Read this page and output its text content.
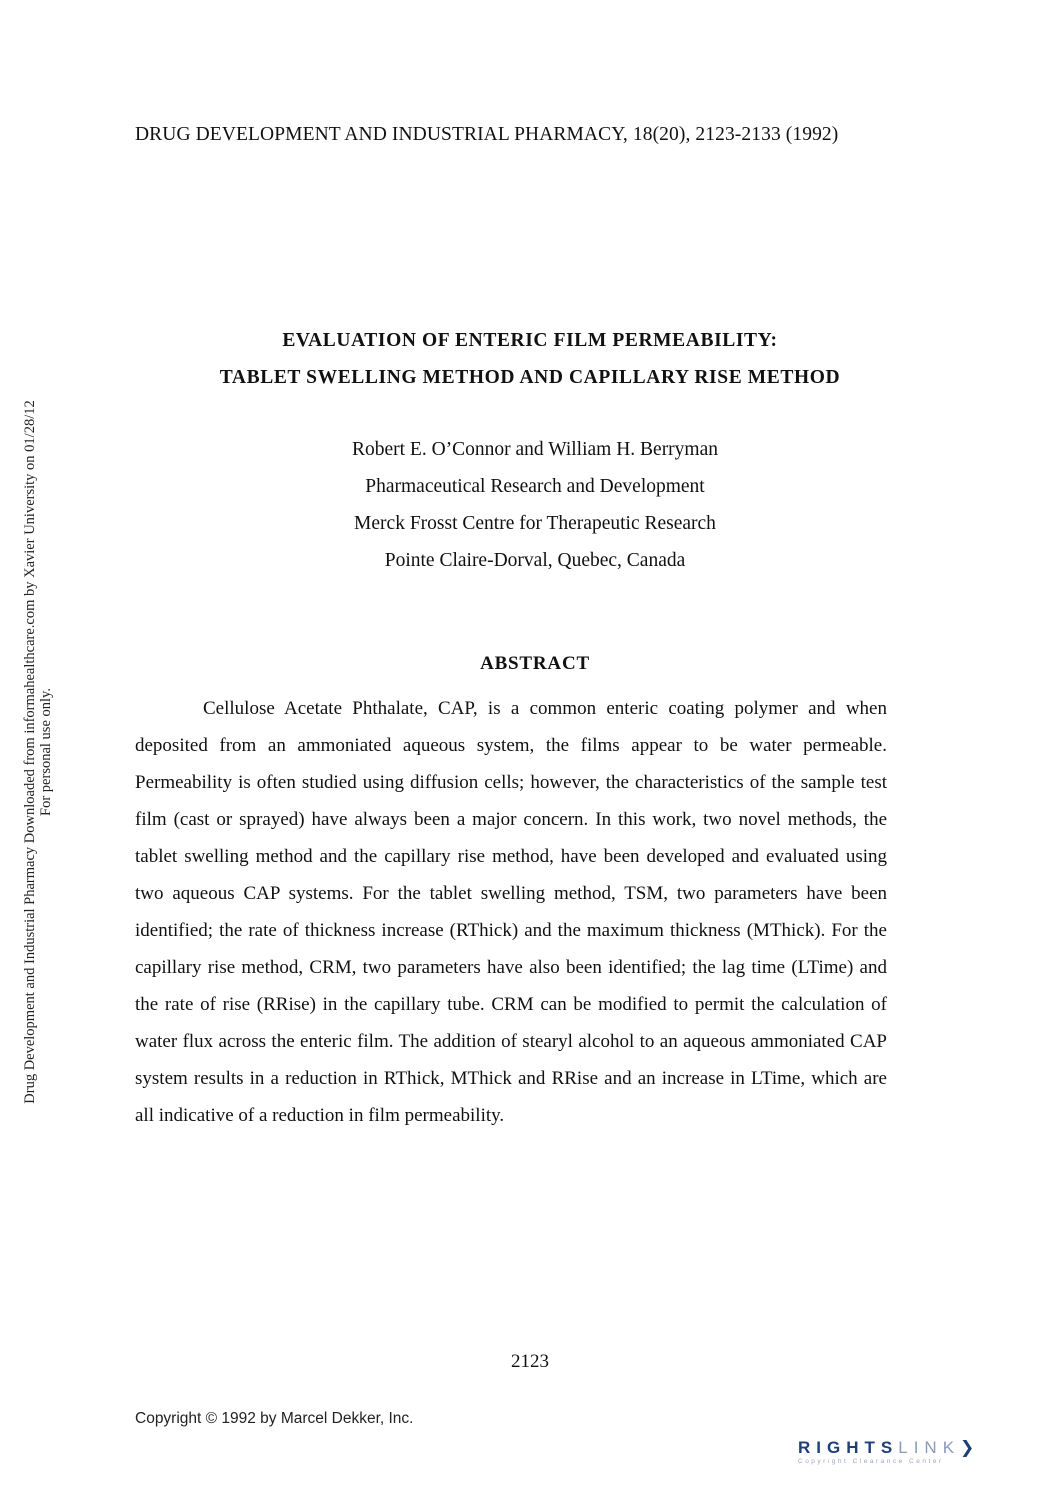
DRUG DEVELOPMENT AND INDUSTRIAL PHARMACY, 18(20), 2123-2133 (1992)
EVALUATION OF ENTERIC FILM PERMEABILITY:
TABLET SWELLING METHOD AND CAPILLARY RISE METHOD
Robert E. O’Connor and William H. Berryman
Pharmaceutical Research and Development
Merck Frosst Centre for Therapeutic Research
Pointe Claire-Dorval, Quebec, Canada
ABSTRACT

Cellulose Acetate Phthalate, CAP, is a common enteric coating polymer and when deposited from an ammoniated aqueous system, the films appear to be water permeable. Permeability is often studied using diffusion cells; however, the characteristics of the sample test film (cast or sprayed) have always been a major concern. In this work, two novel methods, the tablet swelling method and the capillary rise method, have been developed and evaluated using two aqueous CAP systems. For the tablet swelling method, TSM, two parameters have been identified; the rate of thickness increase (RThick) and the maximum thickness (MThick). For the capillary rise method, CRM, two parameters have also been identified; the lag time (LTime) and the rate of rise (RRise) in the capillary tube. CRM can be modified to permit the calculation of water flux across the enteric film. The addition of stearyl alcohol to an aqueous ammoniated CAP system results in a reduction in RThick, MThick and RRise and an increase in LTime, which are all indicative of a reduction in film permeability.

Drug Development and Industrial Pharmacy Downloaded from informahealthcare.com by Xavier University on 01/28/12 For personal use only.
2123
Copyright © 1992 by Marcel Dekker, Inc.
RIGHTSLINK❯
Copyright Clearance Center
